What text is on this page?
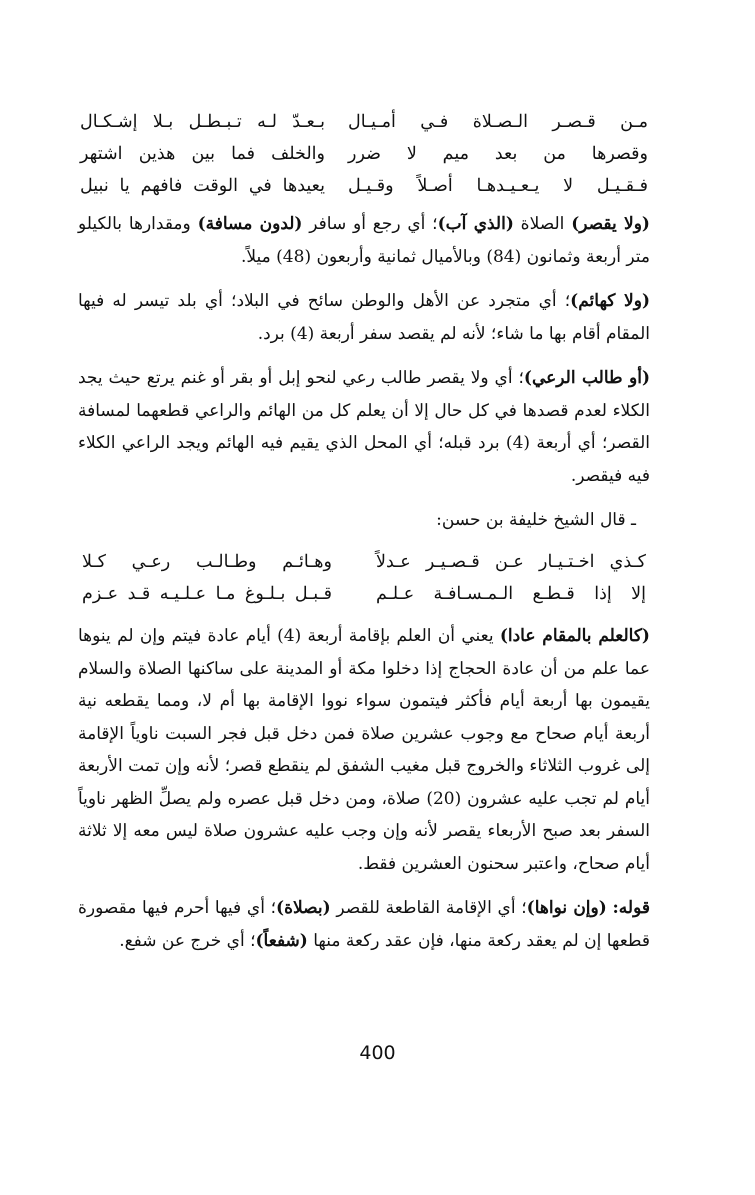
مـن قـصـر الـصـلاة فـي أمـيـال
بـعـدّ لـه تـبـطـل بـلا إشـكـال
وقصرها من بعد ميم لا ضرر
والخلف فما بين هذين اشتهر
فـقـيـل لا يـعـيـدهـا أصـلاً وقـيـل
يعيدها في الوقت فافهم يا نبيل

(ولا يقصر) الصلاة (الذي آب)؛ أي رجع أو سافر (لدون مسافة) ومقدارها بالكيلو متر أربعة وثمانون (84) وبالأميال ثمانية وأربعون (48) ميلاً.

(ولا كهائم)؛ أي متجرد عن الأهل والوطن سائح في البلاد؛ أي بلد تيسر له فيها المقام أقام بها ما شاء؛ لأنه لم يقصد سفر أربعة (4) برد.

(أو طالب الرعي)؛ أي ولا يقصر طالب رعي لنحو إبل أو بقر أو غنم يرتع حيث يجد الكلاء لعدم قصدها في كل حال إلا أن يعلم كل من الهائم والراعي قطعهما لمسافة القصر؛ أي أربعة (4) برد قبله؛ أي المحل الذي يقيم فيه الهائم ويجد الراعي الكلاء فيه فيقصر.

ـ قال الشيخ خليفة بن حسن:
كـذي اخـتـيـار عـن قـصـيـر عـدلاً
وهـائـم وطـالـب رعـي كـلا
إلا إذا قـطـع الـمـسـافـة عـلـم
قـبـل بـلـوغ مـا عـلـيـه قـد عـزم

(كالعلم بالمقام عادا) يعني أن العلم بإقامة أربعة (4) أيام عادة فيتم وإن لم ينوها عما علم من أن عادة الحجاج إذا دخلوا مكة أو المدينة على ساكنها الصلاة والسلام يقيمون بها أربعة أيام فأكثر فيتمون سواء نووا الإقامة بها أم لا، ومما يقطعه نية أربعة أيام صحاح مع وجوب عشرين صلاة فمن دخل قبل فجر السبت ناوياً الإقامة إلى غروب الثلاثاء والخروج قبل مغيب الشفق لم ينقطع قصر؛ لأنه وإن تمت الأربعة أيام لم تجب عليه عشرون (20) صلاة، ومن دخل قبل عصره ولم يصلِّ الظهر ناوياً السفر بعد صبح الأربعاء يقصر لأنه وإن وجب عليه عشرون صلاة ليس معه إلا ثلاثة أيام صحاح، واعتبر سحنون العشرين فقط.

قوله: (وإن نواها)؛ أي الإقامة القاطعة للقصر (بصلاة)؛ أي فيها أحرم فيها مقصورة قطعها إن لم يعقد ركعة منها، فإن عقد ركعة منها (شفعاً)؛ أي خرج عن شفع.

400
